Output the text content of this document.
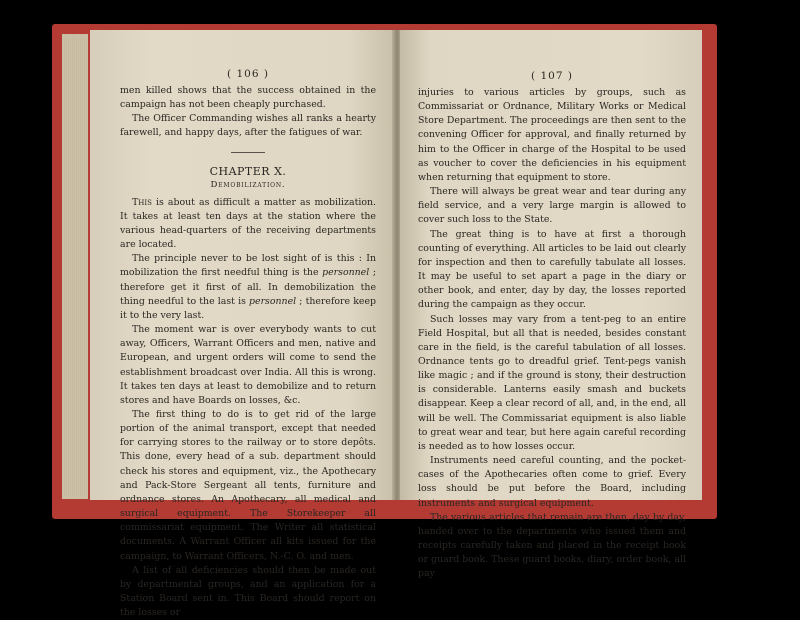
( 106 )

men killed shows that the success obtained in the campaign has not been cheaply purchased.

The Officer Commanding wishes all ranks a hearty farewell, and happy days, after the fatigues of war.

CHAPTER X.
Demobilization.

This is about as difficult a matter as mobilization. It takes at least ten days at the station where the various head-quarters of the receiving departments are located.

The principle never to be lost sight of is this : In mobilization the first needful thing is the personnel ; therefore get it first of all. In demobilization the thing needful to the last is personnel ; therefore keep it to the very last.

The moment war is over everybody wants to cut away, Officers, Warrant Officers and men, native and European, and urgent orders will come to send the establishment broadcast over India. All this is wrong. It takes ten days at least to demobilize and to return stores and have Boards on losses, &c.

The first thing to do is to get rid of the large portion of the animal transport, except that needed for carrying stores to the railway or to store depôts. This done, every head of a sub. department should check his stores and equipment, viz., the Apothecary and Pack-Store Sergeant all tents, furniture and ordnance stores. An Apothecary, all medical and surgical equipment. The Storekeeper all commissariat equipment. The Writer all statistical documents. A Warrant Officer all kits issued for the campaign, to Warrant Officers, N.-C. O. and men.

A list of all deficiencies should then be made out by departmental groups, and an application for a Station Board sent in. This Board should report on the losses or

( 107 )

injuries to various articles by groups, such as Commissariat or Ordnance, Military Works or Medical Store Department. The proceedings are then sent to the convening Officer for approval, and finally returned by him to the Officer in charge of the Hospital to be used as voucher to cover the deficiencies in his equipment when returning that equipment to store.

There will always be great wear and tear during any field service, and a very large margin is allowed to cover such loss to the State.

The great thing is to have at first a thorough counting of everything. All articles to be laid out clearly for inspection and then to carefully tabulate all losses. It may be useful to set apart a page in the diary or other book, and enter, day by day, the losses reported during the campaign as they occur.

Such losses may vary from a tent-peg to an entire Field Hospital, but all that is needed, besides constant care in the field, is the careful tabulation of all losses. Ordnance tents go to dreadful grief. Tent-pegs vanish like magic ; and if the ground is stony, their destruction is considerable. Lanterns easily smash and buckets disappear. Keep a clear record of all, and, in the end, all will be well. The Commissariat equipment is also liable to great wear and tear, but here again careful recording is needed as to how losses occur.

Instruments need careful counting, and the pocket-cases of the Apothecaries often come to grief. Every loss should be put before the Board, including instruments and surgical equipment.

The various articles that remain are then, day by day, handed over to the departments who issued them and receipts carefully taken and placed in the receipt book or guard book. These guard books, diary, order book, all pay
